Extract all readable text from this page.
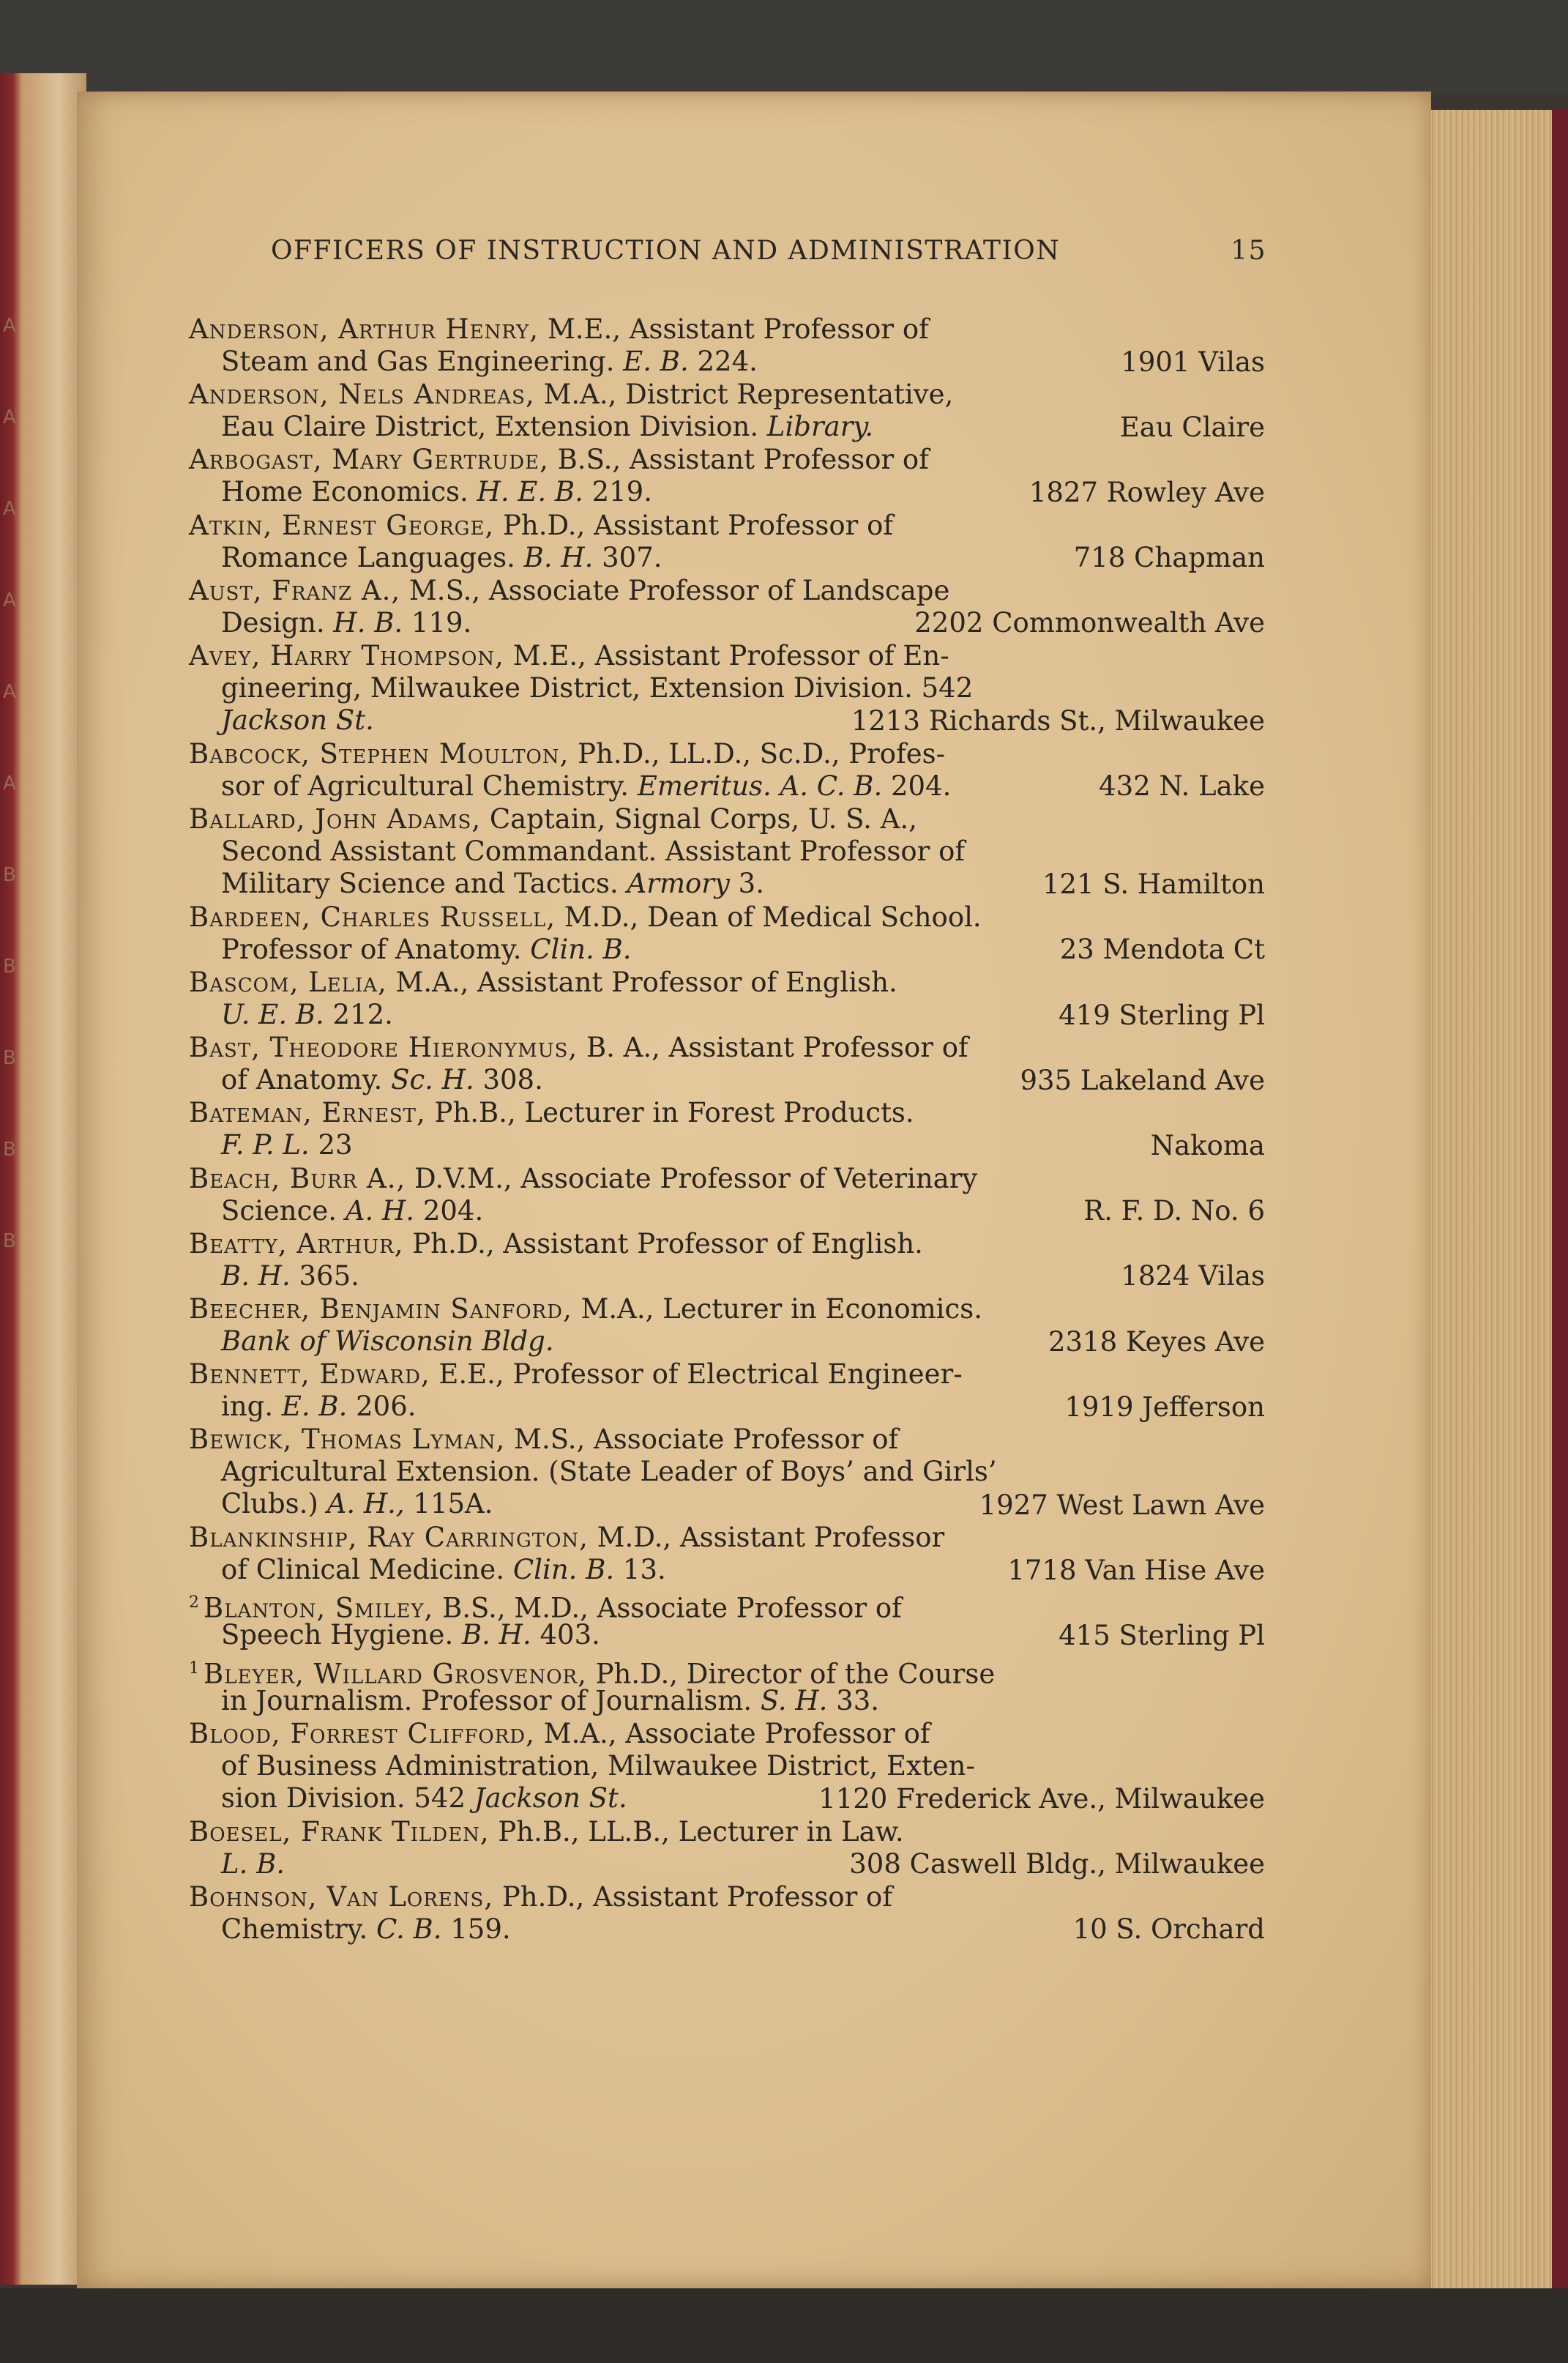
A
A
A
A
A
A
B
B
B
B
B
OFFICERS OF INSTRUCTION AND ADMINISTRATION	15
Anderson, Arthur Henry, M.E., Assistant Professor of
Steam and Gas Engineering. E. B. 224.	1901 Vilas
Anderson, Nels Andreas, M.A., District Representative,
Eau Claire District, Extension Division. Library.	Eau Claire
Arbogast, Mary Gertrude, B.S., Assistant Professor of
Home Economics. H. E. B. 219.	1827 Rowley Ave
Atkin, Ernest George, Ph.D., Assistant Professor of
Romance Languages. B. H. 307.	718 Chapman
Aust, Franz A., M.S., Associate Professor of Landscape
Design. H. B. 119.	2202 Commonwealth Ave
Avey, Harry Thompson, M.E., Assistant Professor of En-
gineering, Milwaukee District, Extension Division. 542
Jackson St.	1213 Richards St., Milwaukee
Babcock, Stephen Moulton, Ph.D., LL.D., Sc.D., Profes-
sor of Agricultural Chemistry. Emeritus. A. C. B. 204.	432 N. Lake
Ballard, John Adams, Captain, Signal Corps, U. S. A.,
Second Assistant Commandant. Assistant Professor of
Military Science and Tactics. Armory 3.	121 S. Hamilton
Bardeen, Charles Russell, M.D., Dean of Medical School.
Professor of Anatomy. Clin. B.	23 Mendota Ct
Bascom, Lelia, M.A., Assistant Professor of English.
U. E. B. 212.	419 Sterling Pl
Bast, Theodore Hieronymus, B. A., Assistant Professor of
of Anatomy. Sc. H. 308.	935 Lakeland Ave
Bateman, Ernest, Ph.B., Lecturer in Forest Products.
F. P. L. 23	Nakoma
Beach, Burr A., D.V.M., Associate Professor of Veterinary
Science. A. H. 204.	R. F. D. No. 6
Beatty, Arthur, Ph.D., Assistant Professor of English.
B. H. 365.	1824 Vilas
Beecher, Benjamin Sanford, M.A., Lecturer in Economics.
Bank of Wisconsin Bldg.	2318 Keyes Ave
Bennett, Edward, E.E., Professor of Electrical Engineer-
ing. E. B. 206.	1919 Jefferson
Bewick, Thomas Lyman, M.S., Associate Professor of
Agricultural Extension. (State Leader of Boys’ and Girls’
Clubs.) A. H., 115A.	1927 West Lawn Ave
Blankinship, Ray Carrington, M.D., Assistant Professor
of Clinical Medicine. Clin. B. 13.	1718 Van Hise Ave
$^2$ Blanton, Smiley, B.S., M.D., Associate Professor of
Speech Hygiene. B. H. 403.	415 Sterling Pl
$^1$ Bleyer, Willard Grosvenor, Ph.D., Director of the Course
in Journalism. Professor of Journalism. S. H. 33.
Blood, Forrest Clifford, M.A., Associate Professor of
of Business Administration, Milwaukee District, Exten-
sion Division. 542 Jackson St.	1120 Frederick Ave., Milwaukee
Boesel, Frank Tilden, Ph.B., LL.B., Lecturer in Law.
L. B.	308 Caswell Bldg., Milwaukee
Bohnson, Van Lorens, Ph.D., Assistant Professor of
Chemistry. C. B. 159.	10 S. Orchard
